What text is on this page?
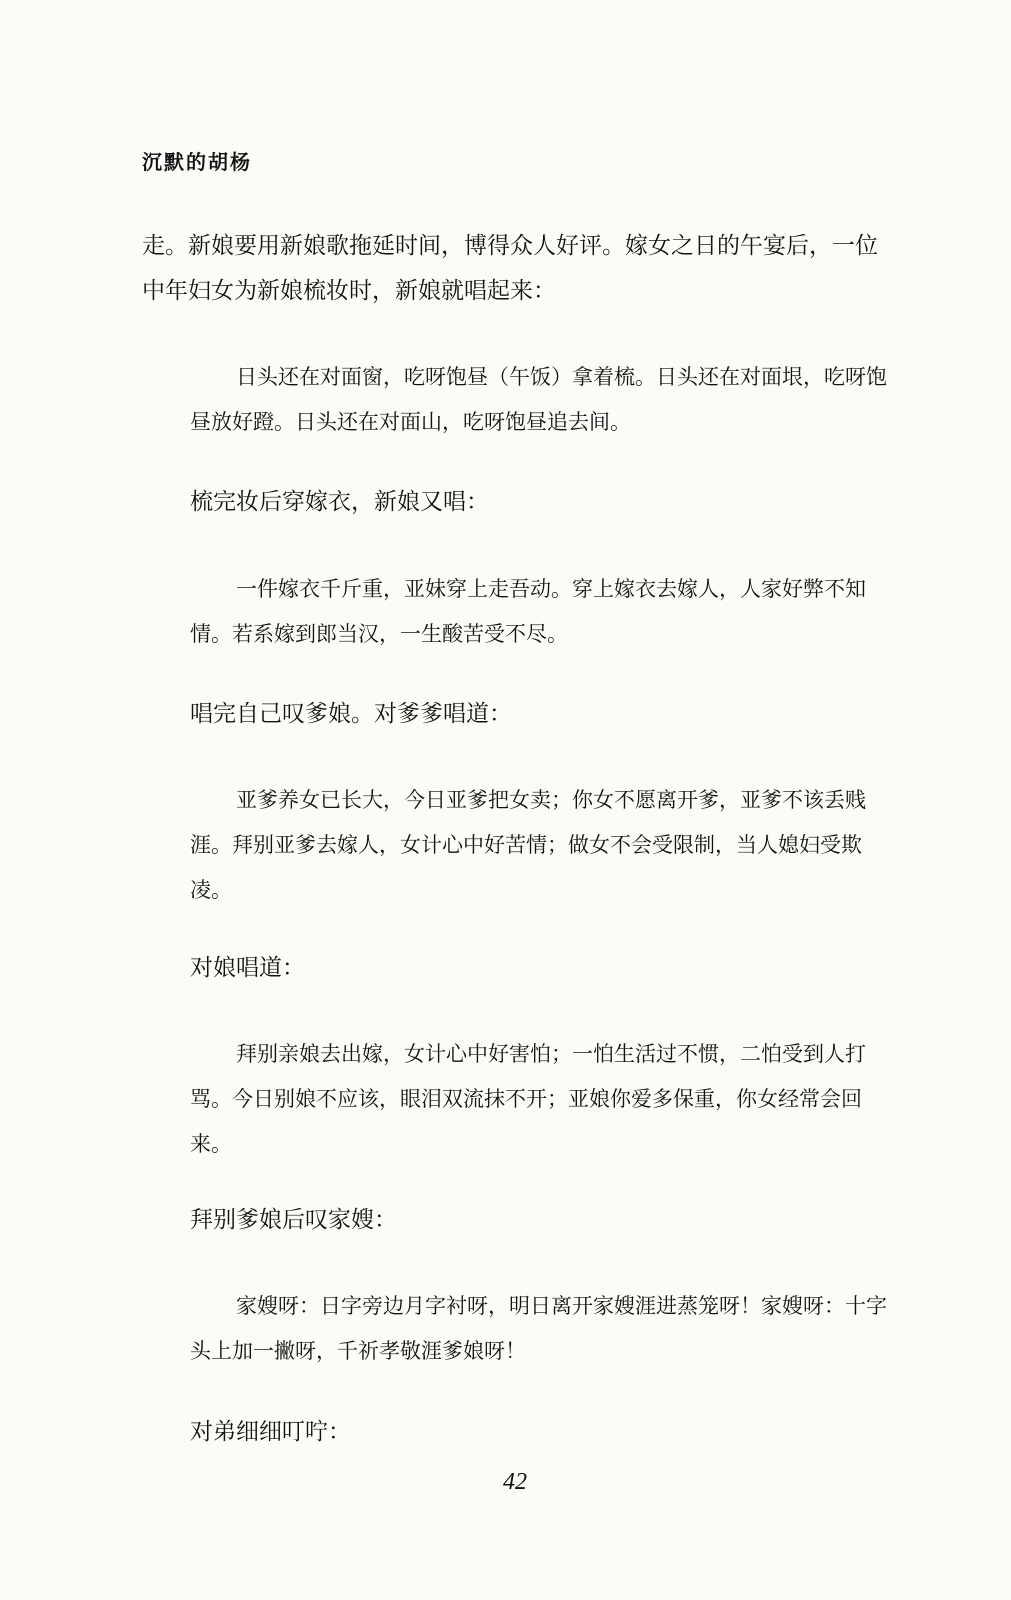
沉默的胡杨

走。新娘要用新娘歌拖延时间，博得众人好评。嫁女之日的午宴后，一位中年妇女为新娘梳妆时，新娘就唱起来：

日头还在对面窗，吃呀饱昼（午饭）拿着梳。日头还在对面垠，吃呀饱昼放好蹬。日头还在对面山，吃呀饱昼追去间。

梳完妆后穿嫁衣，新娘又唱：

一件嫁衣千斤重，亚妹穿上走吾动。穿上嫁衣去嫁人，人家好弊不知情。若系嫁到郎当汉，一生酸苦受不尽。

唱完自己叹爹娘。对爹爹唱道：

亚爹养女已长大，今日亚爹把女卖；你女不愿离开爹，亚爹不该丢贱涯。拜别亚爹去嫁人，女计心中好苦情；做女不会受限制，当人媳妇受欺凌。

对娘唱道：

拜别亲娘去出嫁，女计心中好害怕；一怕生活过不惯，二怕受到人打骂。今日别娘不应该，眼泪双流抹不开；亚娘你爱多保重，你女经常会回来。

拜别爹娘后叹家嫂：

家嫂呀：日字旁边月字衬呀，明日离开家嫂涯进蒸笼呀！家嫂呀：十字头上加一撇呀，千祈孝敬涯爹娘呀！

对弟细细叮咛：

42
